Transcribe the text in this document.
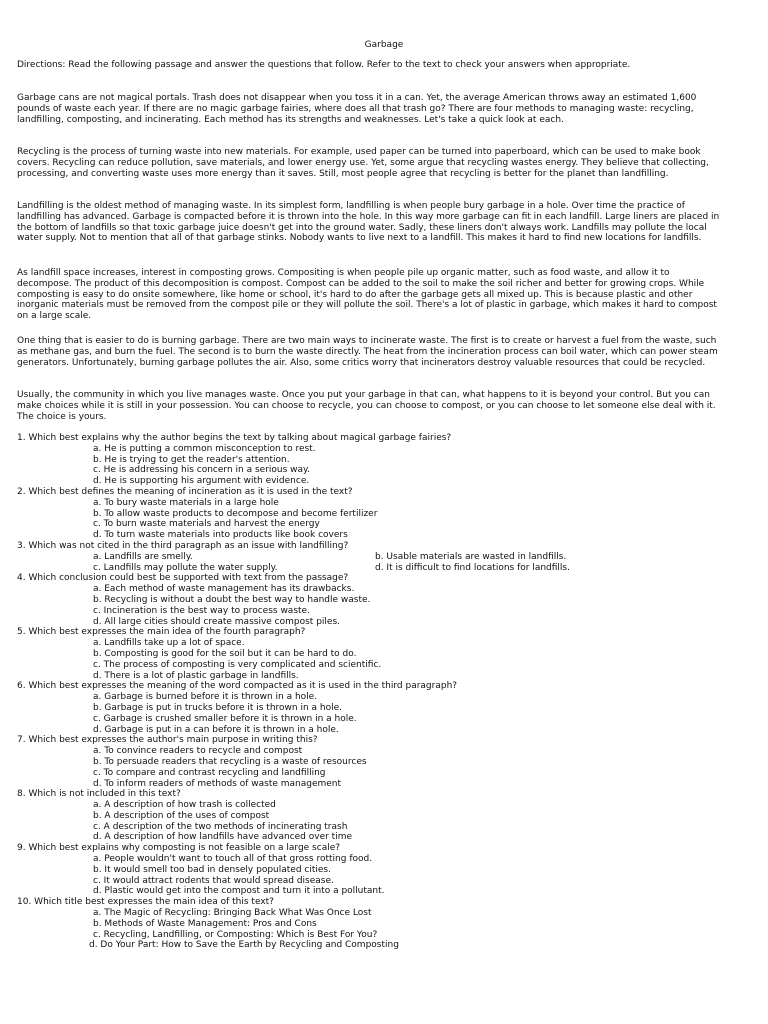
Garbage

Directions: Read the following passage and answer the questions that follow. Refer to the text to check your answers when appropriate.

Garbage cans are not magical portals. Trash does not disappear when you toss it in a can. Yet, the average American throws away an estimated 1,600 pounds of waste each year. If there are no magic garbage fairies, where does all that trash go? There are four methods to managing waste: recycling, landfilling, composting, and incinerating. Each method has its strengths and weaknesses. Let's take a quick look at each.

Recycling is the process of turning waste into new materials. For example, used paper can be turned into paperboard, which can be used to make book covers. Recycling can reduce pollution, save materials, and lower energy use. Yet, some argue that recycling wastes energy. They believe that collecting, processing, and converting waste uses more energy than it saves. Still, most people agree that recycling is better for the planet than landfilling.

Landfilling is the oldest method of managing waste. In its simplest form, landfilling is when people bury garbage in a hole. Over time the practice of landfilling has advanced. Garbage is compacted before it is thrown into the hole. In this way more garbage can fit in each landfill. Large liners are placed in the bottom of landfills so that toxic garbage juice doesn't get into the ground water. Sadly, these liners don't always work. Landfills may pollute the local water supply. Not to mention that all of that garbage stinks. Nobody wants to live next to a landfill. This makes it hard to find new locations for landfills.

As landfill space increases, interest in composting grows. Compositing is when people pile up organic matter, such as food waste, and allow it to decompose. The product of this decomposition is compost. Compost can be added to the soil to make the soil richer and better for growing crops. While composting is easy to do onsite somewhere, like home or school, it's hard to do after the garbage gets all mixed up. This is because plastic and other inorganic materials must be removed from the compost pile or they will pollute the soil. There's a lot of plastic in garbage, which makes it hard to compost on a large scale.

One thing that is easier to do is burning garbage. There are two main ways to incinerate waste. The first is to create or harvest a fuel from the waste, such as methane gas, and burn the fuel. The second is to burn the waste directly. The heat from the incineration process can boil water, which can power steam generators. Unfortunately, burning garbage pollutes the air. Also, some critics worry that incinerators destroy valuable resources that could be recycled.

Usually, the community in which you live manages waste. Once you put your garbage in that can, what happens to it is beyond your control. But you can make choices while it is still in your possession. You can choose to recycle, you can choose to compost, or you can choose to let someone else deal with it. The choice is yours.

1. Which best explains why the author begins the text by talking about magical garbage fairies?

a. He is putting a common misconception to rest.

b. He is trying to get the reader's attention.

c. He is addressing his concern in a serious way.

d. He is supporting his argument with evidence.

2. Which best defines the meaning of incineration as it is used in the text?

a. To bury waste materials in a large hole

b. To allow waste products to decompose and become fertilizer

c. To burn waste materials and harvest the energy

d. To turn waste materials into products like book covers

3. Which was not cited in the third paragraph as an issue with landfilling?

a. Landfills are smelly.	b. Usable materials are wasted in landfills.

c. Landfills may pollute the water supply.	d. It is difficult to find locations for landfills.

4. Which conclusion could best be supported with text from the passage?

a. Each method of waste management has its drawbacks.

b. Recycling is without a doubt the best way to handle waste.

c. Incineration is the best way to process waste.

d. All large cities should create massive compost piles.

5. Which best expresses the main idea of the fourth paragraph?

a. Landfills take up a lot of space.

b. Composting is good for the soil but it can be hard to do.

c. The process of composting is very complicated and scientific.

d. There is a lot of plastic garbage in landfills.

6. Which best expresses the meaning of the word compacted as it is used in the third paragraph?

a. Garbage is burned before it is thrown in a hole.

b. Garbage is put in trucks before it is thrown in a hole.

c. Garbage is crushed smaller before it is thrown in a hole.

d. Garbage is put in a can before it is thrown in a hole.

7. Which best expresses the author's main purpose in writing this?

a. To convince readers to recycle and compost

b. To persuade readers that recycling is a waste of resources

c. To compare and contrast recycling and landfilling

d. To inform readers of methods of waste management

8. Which is not included in this text?

a. A description of how trash is collected

b. A description of the uses of compost

c. A description of the two methods of incinerating trash

d. A description of how landfills have advanced over time

9. Which best explains why composting is not feasible on a large scale?

a. People wouldn't want to touch all of that gross rotting food.

b. It would smell too bad in densely populated cities.

c. It would attract rodents that would spread disease.

d. Plastic would get into the compost and turn it into a pollutant.

10. Which title best expresses the main idea of this text?

a. The Magic of Recycling: Bringing Back What Was Once Lost

b. Methods of Waste Management: Pros and Cons

c. Recycling, Landfilling, or Composting: Which is Best For You?

d. Do Your Part: How to Save the Earth by Recycling and Composting
